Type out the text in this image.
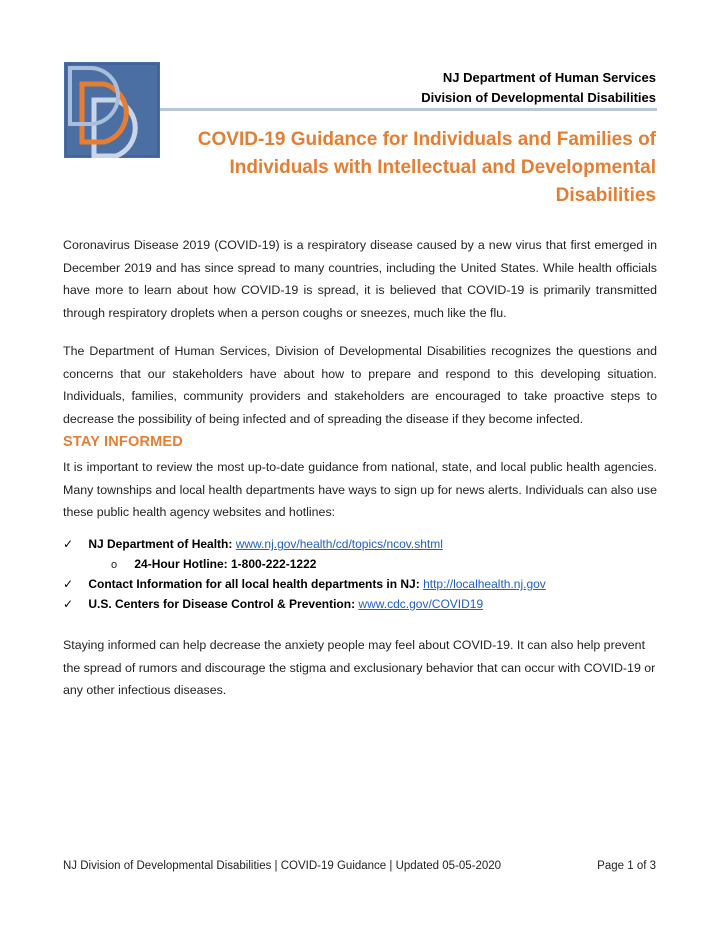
NJ Department of Human Services
Division of Developmental Disabilities
COVID-19 Guidance for Individuals and Families of Individuals with Intellectual and Developmental Disabilities

Coronavirus Disease 2019 (COVID-19) is a respiratory disease caused by a new virus that first emerged in December 2019 and has since spread to many countries, including the United States. While health officials have more to learn about how COVID-19 is spread, it is believed that COVID-19 is primarily transmitted through respiratory droplets when a person coughs or sneezes, much like the flu.

The Department of Human Services, Division of Developmental Disabilities recognizes the questions and concerns that our stakeholders have about how to prepare and respond to this developing situation. Individuals, families, community providers and stakeholders are encouraged to take proactive steps to decrease the possibility of being infected and of spreading the disease if they become infected.

STAY INFORMED

It is important to review the most up-to-date guidance from national, state, and local public health agencies. Many townships and local health departments have ways to sign up for news alerts. Individuals can also use these public health agency websites and hotlines:

✓ NJ Department of Health: www.nj.gov/health/cd/topics/ncov.shtml
o 24-Hour Hotline: 1-800-222-1222
✓ Contact Information for all local health departments in NJ: http://localhealth.nj.gov
✓ U.S. Centers for Disease Control & Prevention: www.cdc.gov/COVID19

Staying informed can help decrease the anxiety people may feel about COVID-19. It can also help prevent the spread of rumors and discourage the stigma and exclusionary behavior that can occur with COVID-19 or any other infectious diseases.

NJ Division of Developmental Disabilities | COVID-19 Guidance | Updated 05-05-2020	Page 1 of 3
